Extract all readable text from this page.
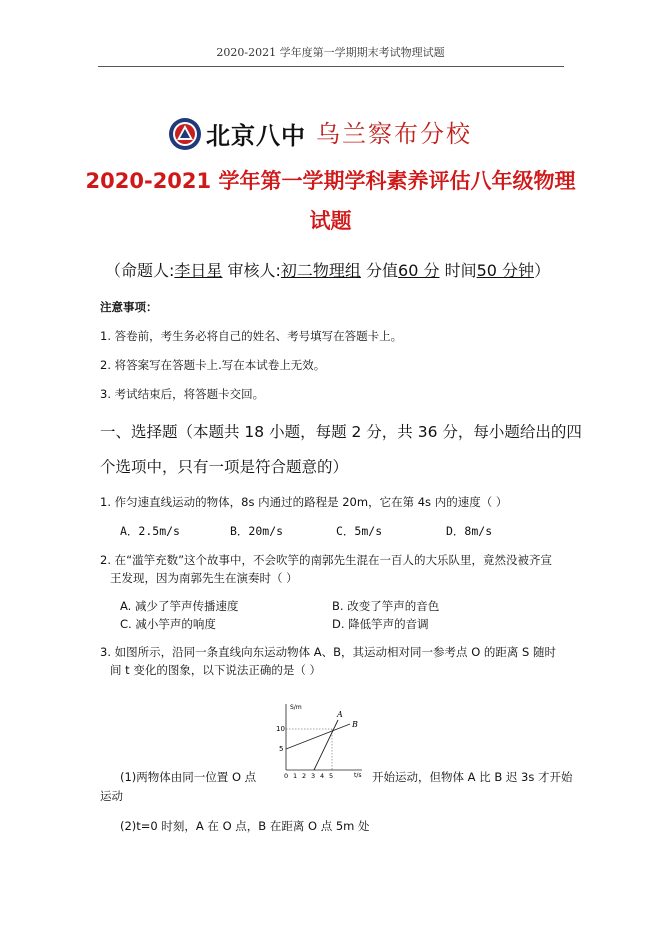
2020-2021 学年度第一学期期末考试物理试题
北京八中 乌兰察布分校
2020-2021 学年第一学期学科素养评估八年级物理
试题
（命题人:李日星 审核人:初二物理组 分值60 分 时间50 分钟）
注意事项：
1. 答卷前，考生务必将自己的姓名、考号填写在答题卡上。
2. 将答案写在答题卡上.写在本试卷上无效。
3. 考试结束后，将答题卡交回。
一、选择题（本题共 18 小题，每题 2 分，共 36 分，每小题给出的四
个选项中，只有一项是符合题意的）
1. 作匀速直线运动的物体，8s 内通过的路程是 20m，它在第 4s 内的速度（ ）
A．2.5m/s	B．20m/s	C．5m/s	D．8m/s
2. 在“滥竽充数”这个故事中，不会吹竽的南郭先生混在一百人的大乐队里，竟然没被齐宣
王发现，因为南郭先生在演奏时（ ）
A. 减少了竽声传播速度	B. 改变了竽声的音色
C. 减小竽声的响度	D. 降低竽声的音调
3. 如图所示，沿同一条直线向东运动物体 A、B，其运动相对同一参考点 O 的距离 S 随时
间 t 变化的图象，以下说法正确的是（ ）
S/m
t/s
10
5
0 1 2 3 4 5
A
B
(1)两物体由同一位置 O 点	开始运动，但物体 A 比 B 迟 3s 才开始
运动
(2)t=0 时刻，A 在 O 点，B 在距离 O 点 5m 处
